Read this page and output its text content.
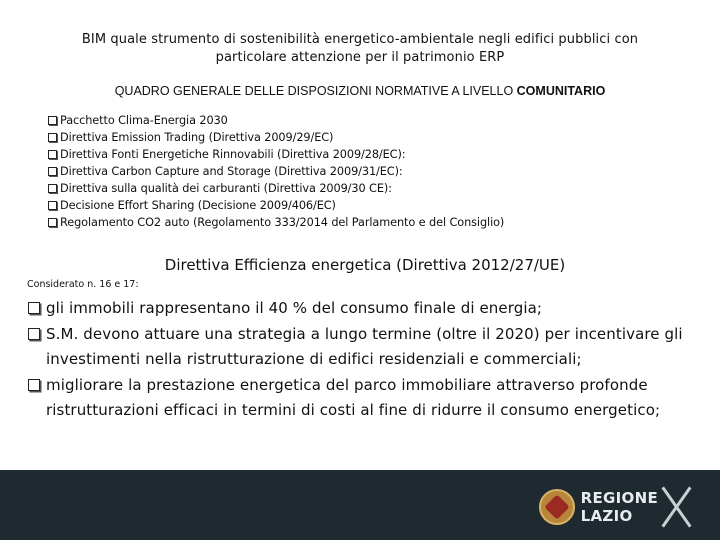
BIM quale strumento di sostenibilità energetico-ambientale negli edifici pubblici con
particolare attenzione per il patrimonio ERP
QUADRO GENERALE DELLE DISPOSIZIONI NORMATIVE A LIVELLO COMUNITARIO
Pacchetto Clima-Energia 2030
Direttiva Emission Trading (Direttiva 2009/29/EC)
Direttiva Fonti Energetiche Rinnovabili (Direttiva 2009/28/EC):
Direttiva Carbon Capture and Storage (Direttiva 2009/31/EC):
Direttiva sulla qualità dei carburanti (Direttiva 2009/30 CE):
Decisione Effort Sharing (Decisione 2009/406/EC)
Regolamento CO2 auto (Regolamento 333/2014 del Parlamento e del Consiglio)
Direttiva Efficienza energetica (Direttiva 2012/27/UE)
Considerato n. 16 e 17:
gli immobili rappresentano il 40 % del consumo finale di energia;
S.M. devono attuare una strategia a lungo termine (oltre il 2020) per incentivare gli investimenti nella ristrutturazione di edifici residenziali e commerciali;
migliorare la prestazione energetica del parco immobiliare attraverso profonde ristrutturazioni efficaci in termini di costi al fine di ridurre il consumo energetico;
REGIONE
LAZIO
